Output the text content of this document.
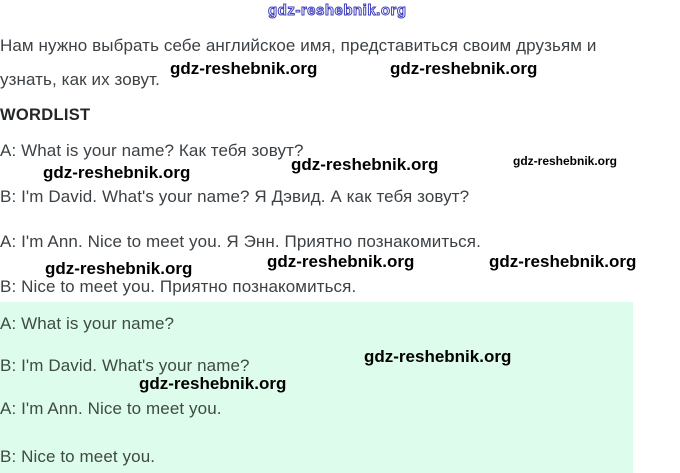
gdz-reshebnik.org

Нам нужно выбрать себе английское имя, представиться своим друзьям и

узнать, как их зовут.

WORDLIST

A: What is your name? Как тебя зовут?

B: I'm David. What's your name? Я Дэвид. А как тебя зовут?

A: I'm Ann. Nice to meet you. Я Энн. Приятно познакомиться.

B: Nice to meet you. Приятно познакомиться.

A: What is your name?

B: I'm David. What's your name?

A: I'm Ann. Nice to meet you.

B: Nice to meet you.

gdz-reshebnik.org	gdz-reshebnik.org
gdz-reshebnik.org	gdz-reshebnik.org	gdz-reshebnik.org
gdz-reshebnik.org	gdz-reshebnik.org	gdz-reshebnik.org
gdz-reshebnik.org
gdz-reshebnik.org
